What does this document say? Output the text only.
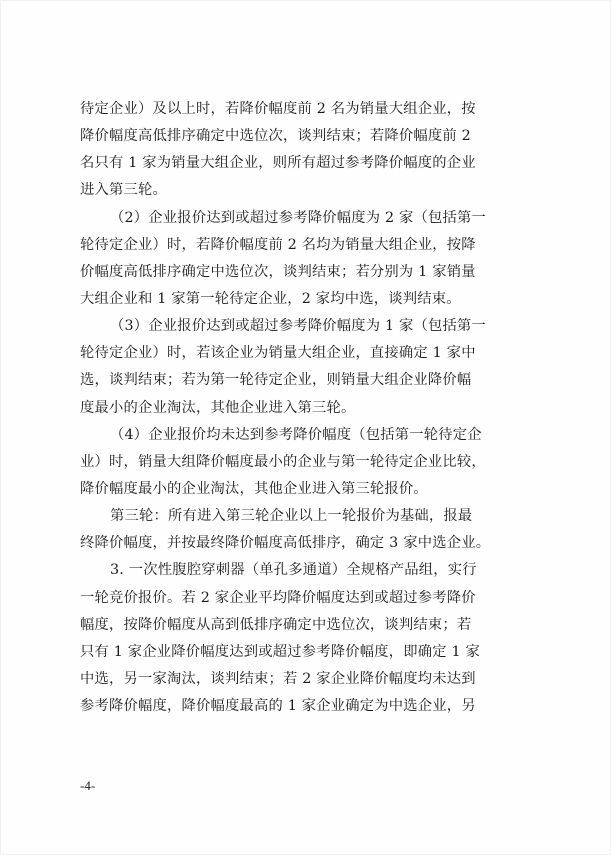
待定企业）及以上时，若降价幅度前 2 名为销量大组企业，按
降价幅度高低排序确定中选位次，谈判结束；若降价幅度前 2
名只有 1 家为销量大组企业，则所有超过参考降价幅度的企业
进入第三轮。
（2）企业报价达到或超过参考降价幅度为 2 家（包括第一
轮待定企业）时，若降价幅度前 2 名均为销量大组企业，按降
价幅度高低排序确定中选位次，谈判结束；若分别为 1 家销量
大组企业和 1 家第一轮待定企业，2 家均中选，谈判结束。
（3）企业报价达到或超过参考降价幅度为 1 家（包括第一
轮待定企业）时，若该企业为销量大组企业，直接确定 1 家中
选，谈判结束；若为第一轮待定企业，则销量大组企业降价幅
度最小的企业淘汰，其他企业进入第三轮。
（4）企业报价均未达到参考降价幅度（包括第一轮待定企
业）时，销量大组降价幅度最小的企业与第一轮待定企业比较，
降价幅度最小的企业淘汰，其他企业进入第三轮报价。
第三轮：所有进入第三轮企业以上一轮报价为基础，报最
终降价幅度，并按最终降价幅度高低排序，确定 3 家中选企业。
3. 一次性腹腔穿刺器（单孔多通道）全规格产品组，实行
一轮竞价报价。若 2 家企业平均降价幅度达到或超过参考降价
幅度，按降价幅度从高到低排序确定中选位次，谈判结束；若
只有 1 家企业降价幅度达到或超过参考降价幅度，即确定 1 家
中选，另一家淘汰，谈判结束；若 2 家企业降价幅度均未达到
参考降价幅度，降价幅度最高的 1 家企业确定为中选企业，另
-4-
